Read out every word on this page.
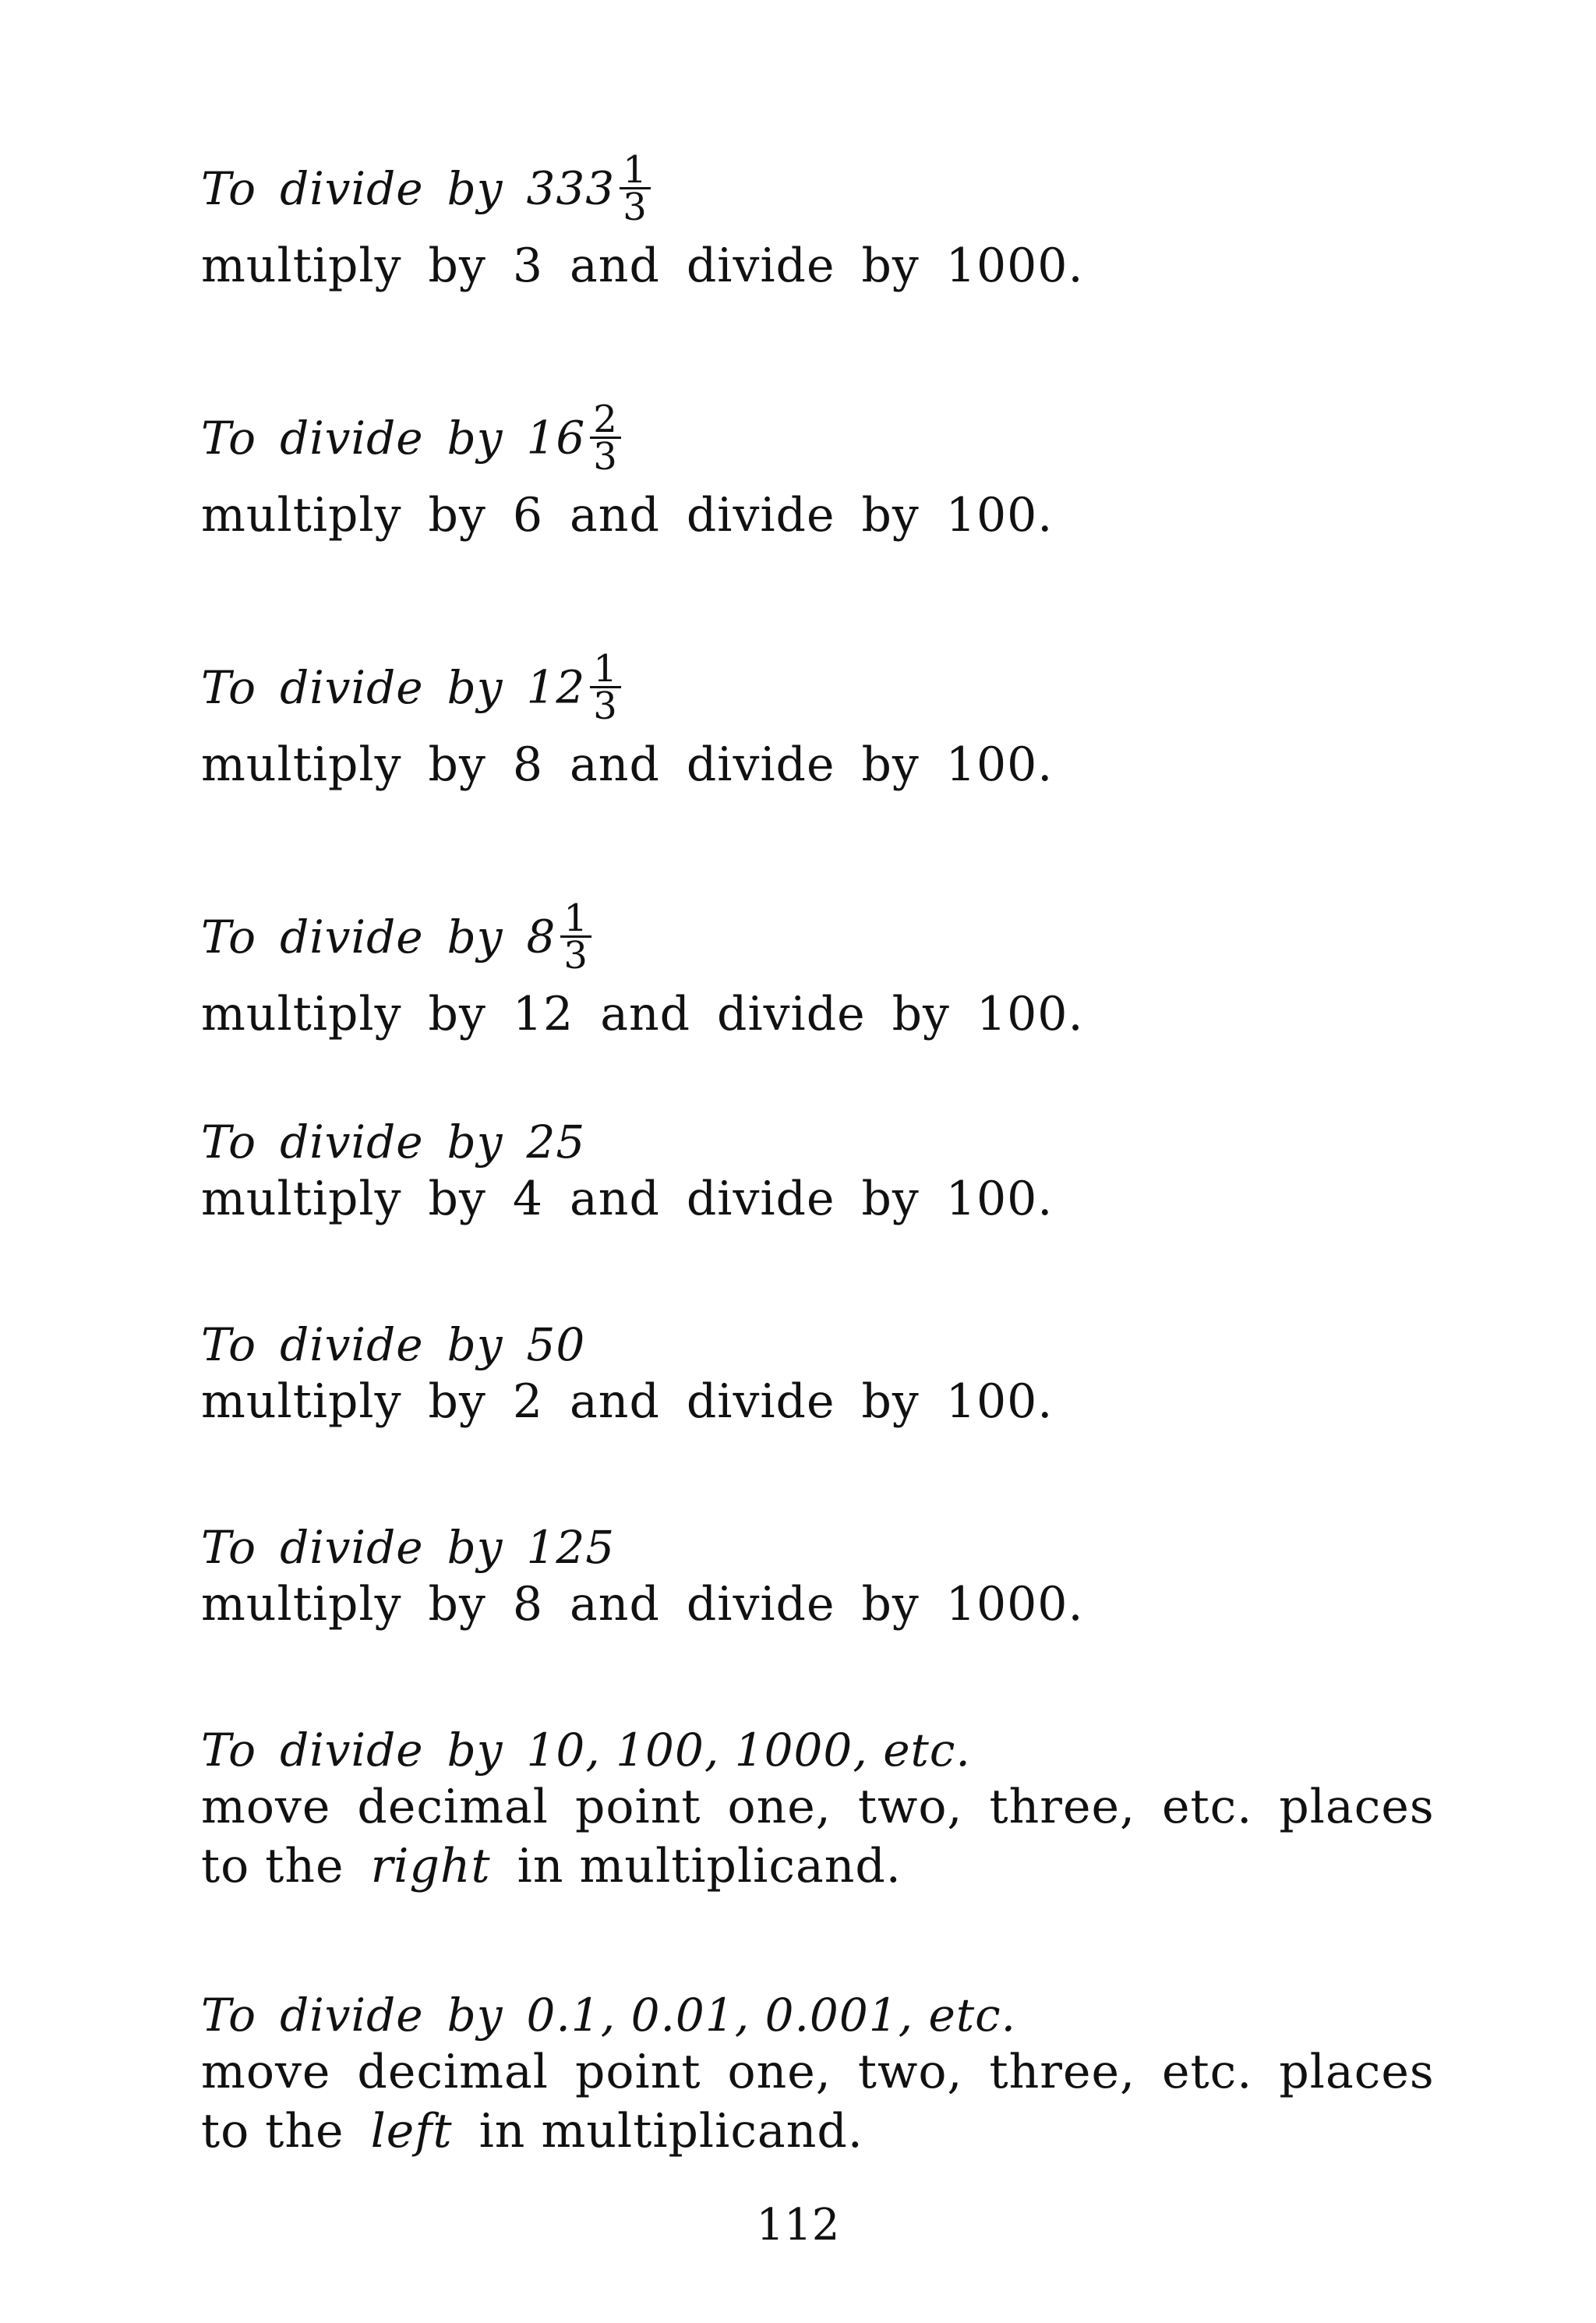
To divide by $333 \frac{1}{3}$
multiply by 3 and divide by 1000.
To divide by $16 \frac{2}{3}$
multiply by 6 and divide by 100.
To divide by $12 \frac{1}{3}$
multiply by 8 and divide by 100.
To divide by $8 \frac{1}{3}$
multiply by 12 and divide by 100.
To divide by 25
multiply by 4 and divide by 100.
To divide by 50
multiply by 2 and divide by 100.
To divide by 125
multiply by 8 and divide by 1000.
To divide by 10, 100, 1000, etc.
move decimal point one, two, three, etc. places
to the right in multiplicand.
To divide by 0.1, 0.01, 0.001, etc.
move decimal point one, two, three, etc. places
to the left in multiplicand.
112
